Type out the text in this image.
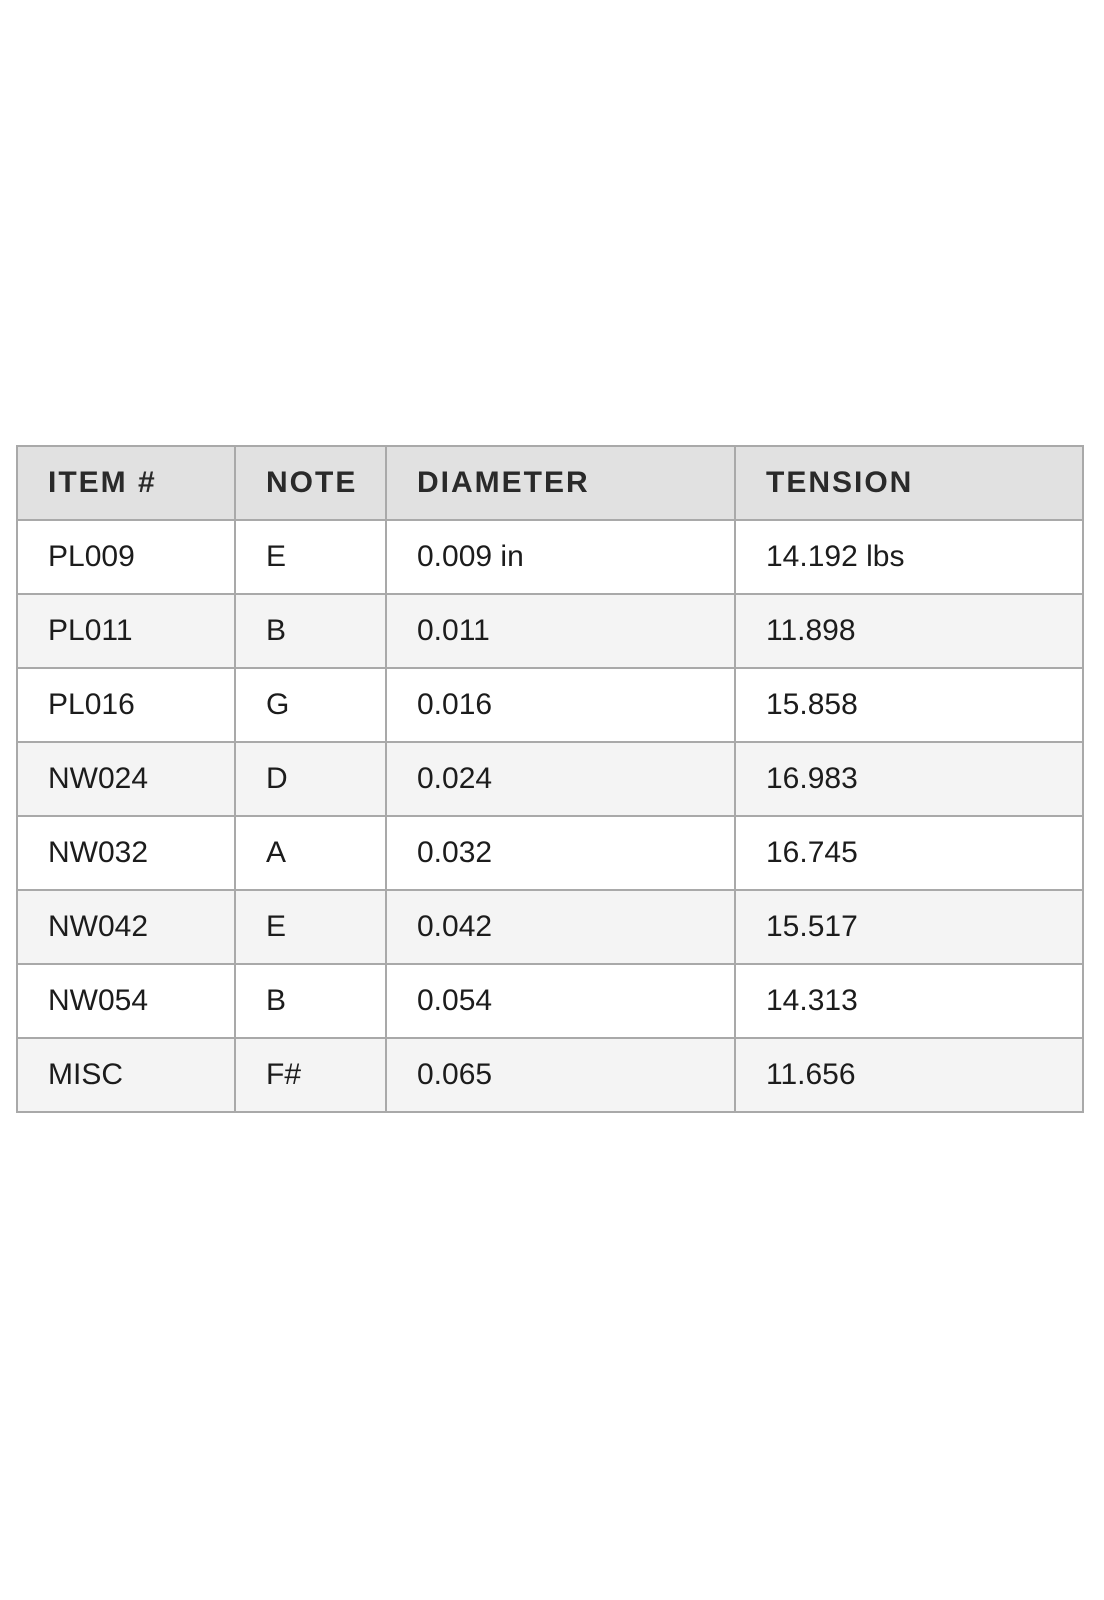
ITEM #	NOTE	DIAMETER	TENSION
PL009	E	0.009 in	14.192 lbs
PL011	B	0.011	11.898
PL016	G	0.016	15.858
NW024	D	0.024	16.983
NW032	A	0.032	16.745
NW042	E	0.042	15.517
NW054	B	0.054	14.313
MISC	F#	0.065	11.656
